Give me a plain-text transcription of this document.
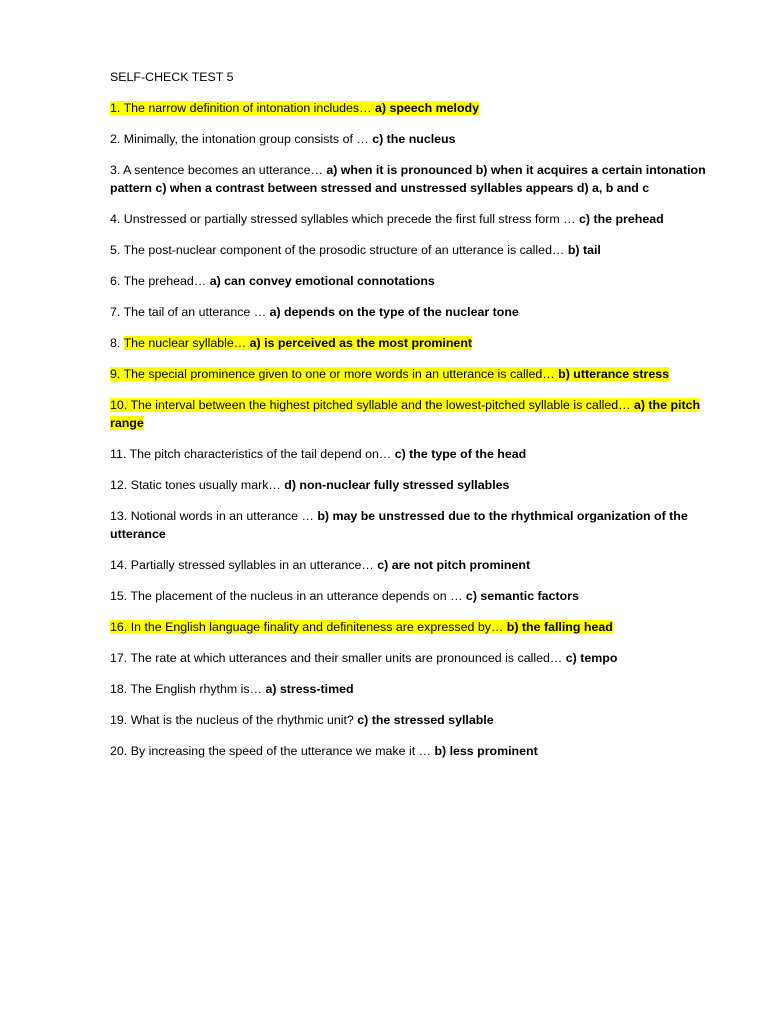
SELF-CHECK TEST 5

1. The narrow definition of intonation includes… a) speech melody

2. Minimally, the intonation group consists of … c) the nucleus

3. A sentence becomes an utterance… a) when it is pronounced b) when it acquires a certain intonation pattern c) when a contrast between stressed and unstressed syllables appears d) a, b and c

4. Unstressed or partially stressed syllables which precede the first full stress form … c) the prehead

5. The post-nuclear component of the prosodic structure of an utterance is called… b) tail

6. The prehead… a) can convey emotional connotations

7. The tail of an utterance … a) depends on the type of the nuclear tone

8. The nuclear syllable… a) is perceived as the most prominent

9. The special prominence given to one or more words in an utterance is called… b) utterance stress

10. The interval between the highest pitched syllable and the lowest-pitched syllable is called… a) the pitch range

11. The pitch characteristics of the tail depend on… c) the type of the head

12. Static tones usually mark… d) non-nuclear fully stressed syllables

13. Notional words in an utterance … b) may be unstressed due to the rhythmical organization of the utterance

14. Partially stressed syllables in an utterance… c) are not pitch prominent

15. The placement of the nucleus in an utterance depends on … c) semantic factors

16. In the English language finality and definiteness are expressed by… b) the falling head

17. The rate at which utterances and their smaller units are pronounced is called… c) tempo

18. The English rhythm is… a) stress-timed

19. What is the nucleus of the rhythmic unit? c) the stressed syllable

20. By increasing the speed of the utterance we make it … b) less prominent
